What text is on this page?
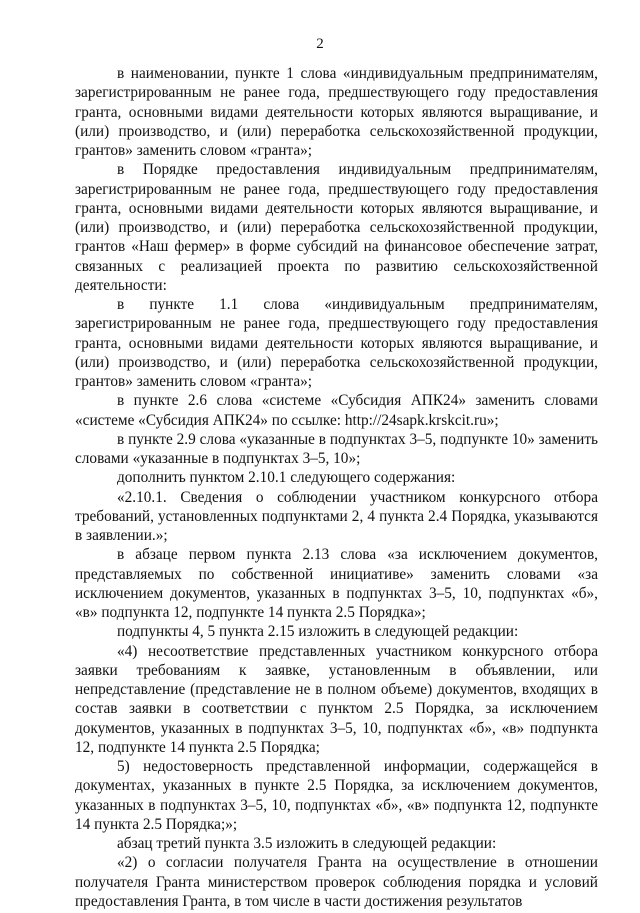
2

в наименовании, пункте 1 слова «индивидуальным предпринимателям, зарегистрированным не ранее года, предшествующего году предоставления гранта, основными видами деятельности которых являются выращивание, и (или) производство, и (или) переработка сельскохозяйственной продукции, грантов» заменить словом «гранта»;

в Порядке предоставления индивидуальным предпринимателям, зарегистрированным не ранее года, предшествующего году предоставления гранта, основными видами деятельности которых являются выращивание, и (или) производство, и (или) переработка сельскохозяйственной продукции, грантов «Наш фермер» в форме субсидий на финансовое обеспечение затрат, связанных с реализацией проекта по развитию сельскохозяйственной деятельности:

в пункте 1.1 слова «индивидуальным предпринимателям, зарегистрированным не ранее года, предшествующего году предоставления гранта, основными видами деятельности которых являются выращивание, и (или) производство, и (или) переработка сельскохозяйственной продукции, грантов» заменить словом «гранта»;

в пункте 2.6 слова «системе «Субсидия АПК24» заменить словами «системе «Субсидия АПК24» по ссылке: http://24sapk.krskcit.ru»;

в пункте 2.9 слова «указанные в подпунктах 3–5, подпункте 10» заменить словами «указанные в подпунктах 3–5, 10»;

дополнить пунктом 2.10.1 следующего содержания:

«2.10.1. Сведения о соблюдении участником конкурсного отбора требований, установленных подпунктами 2, 4 пункта 2.4 Порядка, указываются в заявлении.»;

в абзаце первом пункта 2.13 слова «за исключением документов, представляемых по собственной инициативе» заменить словами «за исключением документов, указанных в подпунктах 3–5, 10, подпунктах «б», «в» подпункта 12, подпункте 14 пункта 2.5 Порядка»;

подпункты 4, 5 пункта 2.15 изложить в следующей редакции:

«4) несоответствие представленных участником конкурсного отбора заявки требованиям к заявке, установленным в объявлении, или непредставление (представление не в полном объеме) документов, входящих в состав заявки в соответствии с пунктом 2.5 Порядка, за исключением документов, указанных в подпунктах 3–5, 10, подпунктах «б», «в» подпункта 12, подпункте 14 пункта 2.5 Порядка;

5) недостоверность представленной информации, содержащейся в документах, указанных в пункте 2.5 Порядка, за исключением документов, указанных в подпунктах 3–5, 10, подпунктах «б», «в» подпункта 12, подпункте 14 пункта 2.5 Порядка;»;

абзац третий пункта 3.5 изложить в следующей редакции:

«2) о согласии получателя Гранта на осуществление в отношении получателя Гранта министерством проверок соблюдения порядка и условий предоставления Гранта, в том числе в части достижения результатов
